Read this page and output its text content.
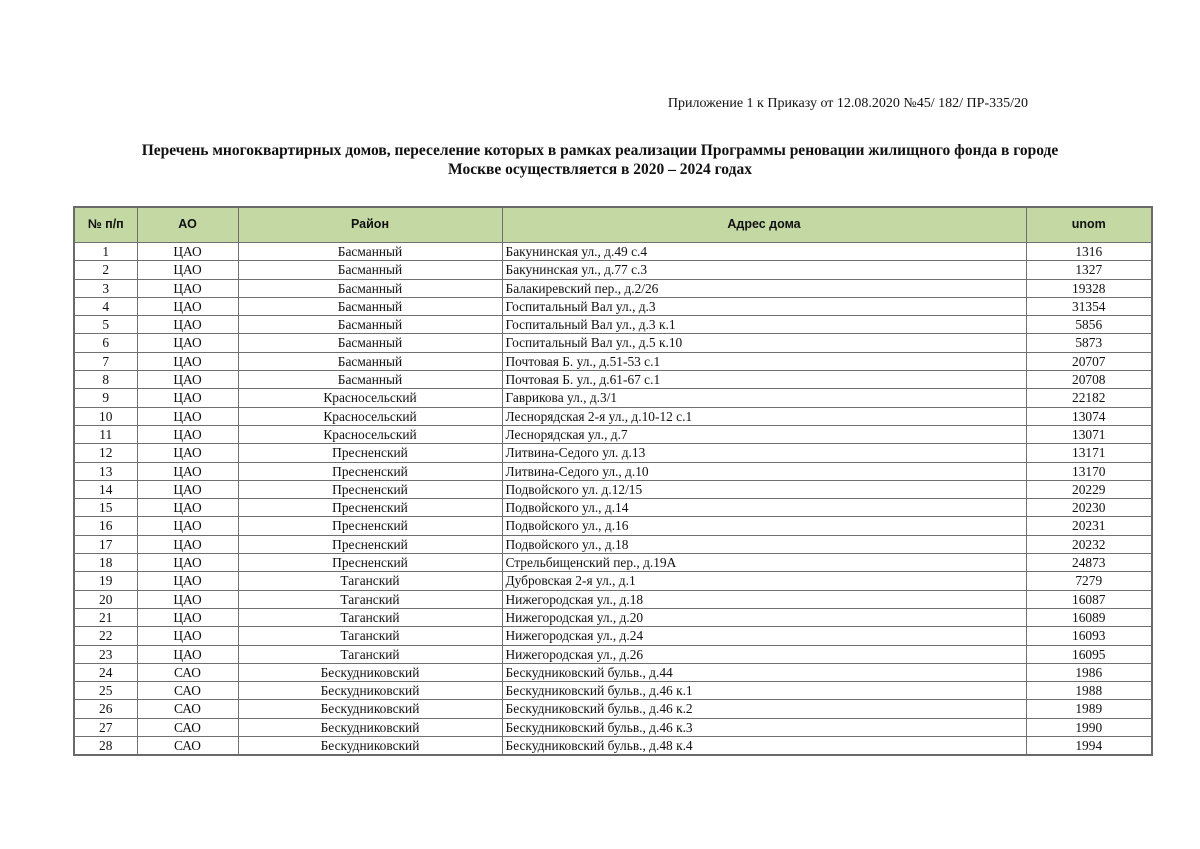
Приложение 1 к Приказу от 12.08.2020 №45/ 182/ ПР-335/20
Перечень многоквартирных домов, переселение которых в рамках реализации Программы реновации жилищного фонда в городе
Москве осуществляется в 2020 – 2024 годах
№ п/п	АО	Район	Адрес дома	unom
1	ЦАО	Басманный	Бакунинская ул., д.49 с.4	1316
2	ЦАО	Басманный	Бакунинская ул., д.77 с.3	1327
3	ЦАО	Басманный	Балакиревский пер., д.2/26	19328
4	ЦАО	Басманный	Госпитальный Вал ул., д.3	31354
5	ЦАО	Басманный	Госпитальный Вал ул., д.3 к.1	5856
6	ЦАО	Басманный	Госпитальный Вал ул., д.5 к.10	5873
7	ЦАО	Басманный	Почтовая Б. ул., д.51-53 с.1	20707
8	ЦАО	Басманный	Почтовая Б. ул., д.61-67 с.1	20708
9	ЦАО	Красносельский	Гаврикова ул., д.3/1	22182
10	ЦАО	Красносельский	Леснорядская 2-я ул., д.10-12 с.1	13074
11	ЦАО	Красносельский	Леснорядская ул., д.7	13071
12	ЦАО	Пресненский	Литвина-Седого ул. д.13	13171
13	ЦАО	Пресненский	Литвина-Седого ул., д.10	13170
14	ЦАО	Пресненский	Подвойского ул. д.12/15	20229
15	ЦАО	Пресненский	Подвойского ул., д.14	20230
16	ЦАО	Пресненский	Подвойского ул., д.16	20231
17	ЦАО	Пресненский	Подвойского ул., д.18	20232
18	ЦАО	Пресненский	Стрельбищенский пер., д.19А	24873
19	ЦАО	Таганский	Дубровская 2-я ул., д.1	7279
20	ЦАО	Таганский	Нижегородская ул., д.18	16087
21	ЦАО	Таганский	Нижегородская ул., д.20	16089
22	ЦАО	Таганский	Нижегородская ул., д.24	16093
23	ЦАО	Таганский	Нижегородская ул., д.26	16095
24	САО	Бескудниковский	Бескудниковский бульв., д.44	1986
25	САО	Бескудниковский	Бескудниковский бульв., д.46 к.1	1988
26	САО	Бескудниковский	Бескудниковский бульв., д.46 к.2	1989
27	САО	Бескудниковский	Бескудниковский бульв., д.46 к.3	1990
28	САО	Бескудниковский	Бескудниковский бульв., д.48 к.4	1994
